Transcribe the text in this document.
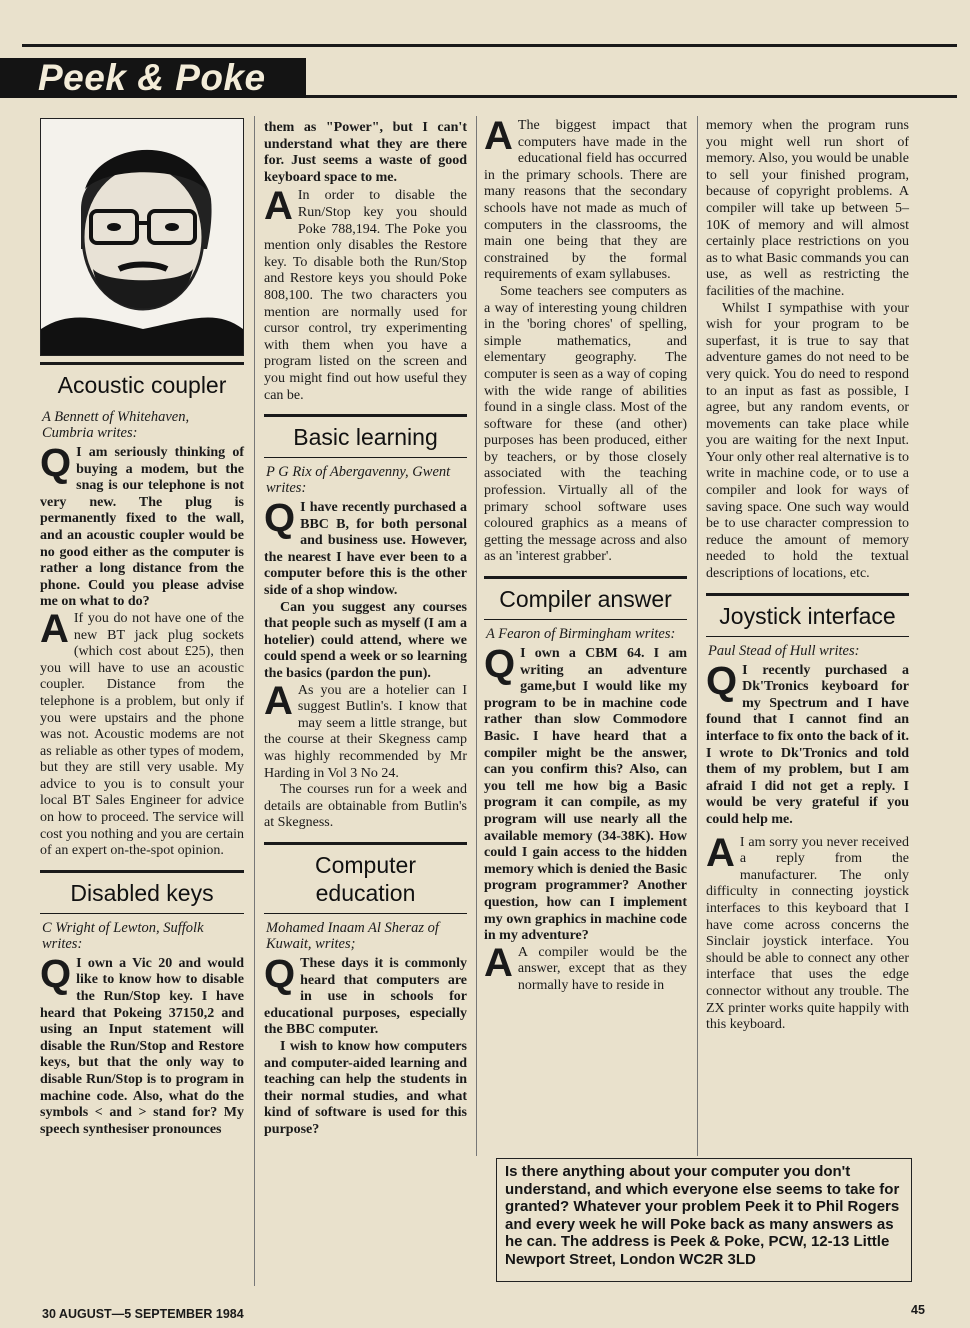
Peek & Poke
Acoustic coupler

A Bennett of Whitehaven, Cumbria writes:

Q I am seriously thinking of buying a modem, but the snag is our telephone is not very new. The plug is permanently fixed to the wall, and an acoustic coupler would be no good either as the computer is rather a long distance from the phone. Could you please advise me on what to do?

A If you do not have one of the new BT jack plug sockets (which cost about £25), then you will have to use an acoustic coupler. Distance from the telephone is a problem, but only if you were upstairs and the phone was not. Acoustic modems are not as reliable as other types of modem, but they are still very usable. My advice to you is to consult your local BT Sales Engineer for advice on how to proceed. The service will cost you nothing and you are certain of an expert on-the-spot opinion.

Disabled keys

C Wright of Lewton, Suffolk writes:

Q I own a Vic 20 and would like to know how to disable the Run/Stop key. I have heard that Pokeing 37150,2 and using an Input statement will disable the Run/Stop and Restore keys, but that the only way to disable Run/Stop is to program in machine code. Also, what do the symbols < and > stand for? My speech synthesiser pronounces

them as "Power", but I can't understand what they are there for. Just seems a waste of good keyboard space to me.

A In order to disable the Run/Stop key you should Poke 788,194. The Poke you mention only disables the Restore key. To disable both the Run/Stop and Restore keys you should Poke 808,100. The two characters you mention are normally used for cursor control, try experimenting with them when you have a program listed on the screen and you might find out how useful they can be.

Basic learning

P G Rix of Abergavenny, Gwent writes:

Q I have recently purchased a BBC B, for both personal and business use. However, the nearest I have ever been to a computer before this is the other side of a shop window.

Can you suggest any courses that people such as myself (I am a hotelier) could attend, where we could spend a week or so learning the basics (pardon the pun).

A As you are a hotelier can I suggest Butlin's. I know that may seem a little strange, but the course at their Skegness camp was highly recommended by Mr Harding in Vol 3 No 24.

The courses run for a week and details are obtainable from Butlin's at Skegness.

Computer education

Mohamed Inaam Al Sheraz of Kuwait, writes;

Q These days it is commonly heard that computers are in use in schools for educational purposes, especially the BBC computer.

I wish to know how computers and computer-aided learning and teaching can help the students in their normal studies, and what kind of software is used for this purpose?

A The biggest impact that computers have made in the educational field has occurred in the primary schools. There are many reasons that the secondary schools have not made as much of computers in the classrooms, the main one being that they are constrained by the formal requirements of exam syllabuses.

Some teachers see computers as a way of interesting young children in the 'boring chores' of spelling, simple mathematics, and elementary geography. The computer is seen as a way of coping with the wide range of abilities found in a single class. Most of the software for these (and other) purposes has been produced, either by teachers, or by those closely associated with the teaching profession. Virtually all of the primary school software uses coloured graphics as a means of getting the message across and also as an 'interest grabber'.

Compiler answer

A Fearon of Birmingham writes:

Q I own a CBM 64. I am writing an adventure game,but I would like my program to be in machine code rather than slow Commodore Basic. I have heard that a compiler might be the answer, can you confirm this? Also, can you tell me how big a Basic program it can compile, as my program will use nearly all the available memory (34-38K). How could I gain access to the hidden memory which is denied the Basic program programmer? Another question, how can I implement my own graphics in machine code in my adventure?

A A compiler would be the answer, except that as they normally have to reside in

memory when the program runs you might well run short of memory. Also, you would be unable to sell your finished program, because of copyright problems. A compiler will take up between 5–10K of memory and will almost certainly place restrictions on you as to what Basic commands you can use, as well as restricting the facilities of the machine.

Whilst I sympathise with your wish for your program to be superfast, it is true to say that adventure games do not need to be very quick. You do need to respond to an input as fast as possible, I agree, but any random events, or movements can take place while you are waiting for the next Input. Your only other real alternative is to write in machine code, or to use a compiler and look for ways of saving space. One such way would be to use character compression to reduce the amount of memory needed to hold the textual descriptions of locations, etc.

Joystick interface

Paul Stead of Hull writes:

Q I recently purchased a Dk'Tronics keyboard for my Spectrum and I have found that I cannot find an interface to fix onto the back of it. I wrote to Dk'Tronics and told them of my problem, but I am afraid I did not get a reply. I would be very grateful if you could help me.

A I am sorry you never received a reply from the manufacturer. The only difficulty in connecting joystick interfaces to this keyboard that I have come across concerns the Sinclair joystick interface. You should be able to connect any other interface that uses the edge connector without any trouble. The ZX printer works quite happily with this keyboard.

Is there anything about your computer you don't understand, and which everyone else seems to take for granted? Whatever your problem Peek it to Phil Rogers and every week he will Poke back as many answers as he can. The address is Peek & Poke, PCW, 12-13 Little Newport Street, London WC2R 3LD
30 AUGUST—5 SEPTEMBER 1984	45
